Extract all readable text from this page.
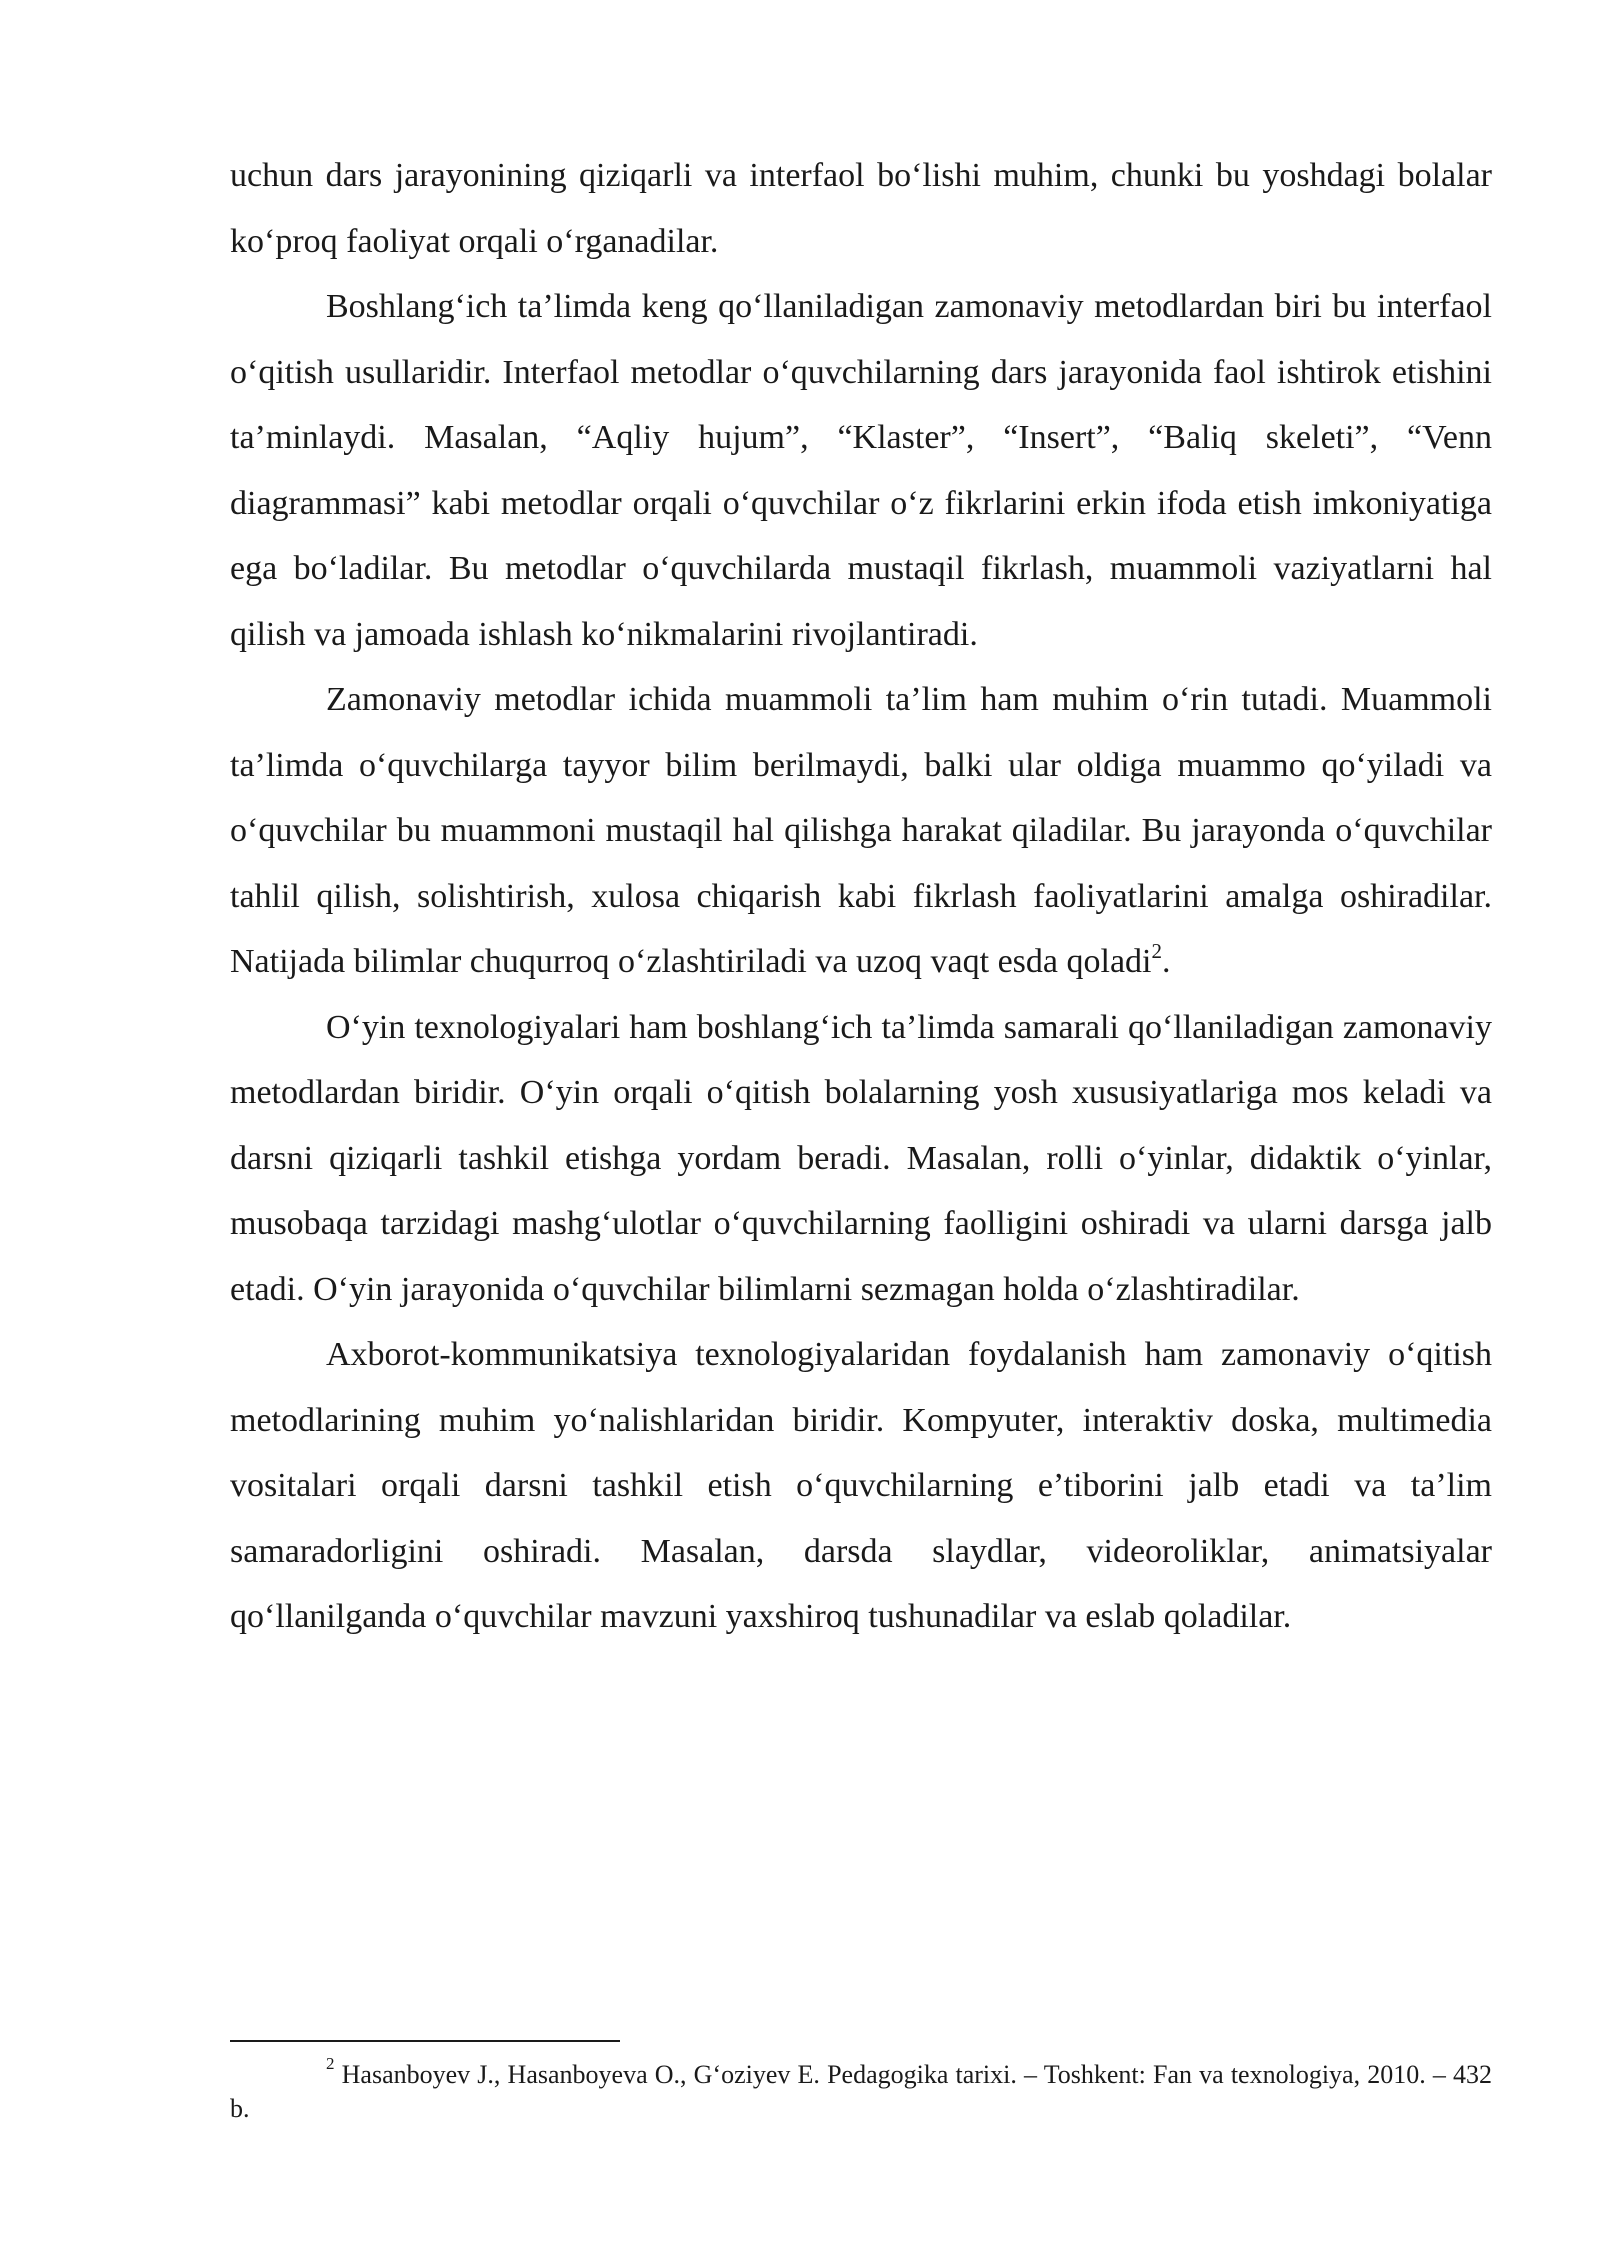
uchun dars jarayonining qiziqarli va interfaol bo‘lishi muhim, chunki bu yoshdagi bolalar ko‘proq faoliyat orqali o‘rganadilar.

Boshlang‘ich ta’limda keng qo‘llaniladigan zamonaviy metodlardan biri bu interfaol o‘qitish usullaridir. Interfaol metodlar o‘quvchilarning dars jarayonida faol ishtirok etishini ta’minlaydi. Masalan, “Aqliy hujum”, “Klaster”, “Insert”, “Baliq skeleti”, “Venn diagrammasi” kabi metodlar orqali o‘quvchilar o‘z fikrlarini erkin ifoda etish imkoniyatiga ega bo‘ladilar. Bu metodlar o‘quvchilarda mustaqil fikrlash, muammoli vaziyatlarni hal qilish va jamoada ishlash ko‘nikmalarini rivojlantiradi.

Zamonaviy metodlar ichida muammoli ta’lim ham muhim o‘rin tutadi. Muammoli ta’limda o‘quvchilarga tayyor bilim berilmaydi, balki ular oldiga muammo qo‘yiladi va o‘quvchilar bu muammoni mustaqil hal qilishga harakat qiladilar. Bu jarayonda o‘quvchilar tahlil qilish, solishtirish, xulosa chiqarish kabi fikrlash faoliyatlarini amalga oshiradilar. Natijada bilimlar chuqurroq o‘zlashtiriladi va uzoq vaqt esda qoladi$^2$.

O‘yin texnologiyalari ham boshlang‘ich ta’limda samarali qo‘llaniladigan zamonaviy metodlardan biridir. O‘yin orqali o‘qitish bolalarning yosh xususiyatlariga mos keladi va darsni qiziqarli tashkil etishga yordam beradi. Masalan, rolli o‘yinlar, didaktik o‘yinlar, musobaqa tarzidagi mashg‘ulotlar o‘quvchilarning faolligini oshiradi va ularni darsga jalb etadi. O‘yin jarayonida o‘quvchilar bilimlarni sezmagan holda o‘zlashtiradilar.

Axborot-kommunikatsiya texnologiyalaridan foydalanish ham zamonaviy o‘qitish metodlarining muhim yo‘nalishlaridan biridir. Kompyuter, interaktiv doska, multimedia vositalari orqali darsni tashkil etish o‘quvchilarning e’tiborini jalb etadi va ta’lim samaradorligini oshiradi. Masalan, darsda slaydlar, videoroliklar, animatsiyalar qo‘llanilganda o‘quvchilar mavzuni yaxshiroq tushunadilar va eslab qoladilar.

$^2$ Hasanboyev J., Hasanboyeva O., G‘oziyev E. Pedagogika tarixi. – Toshkent: Fan va texnologiya, 2010. – 432 b.
